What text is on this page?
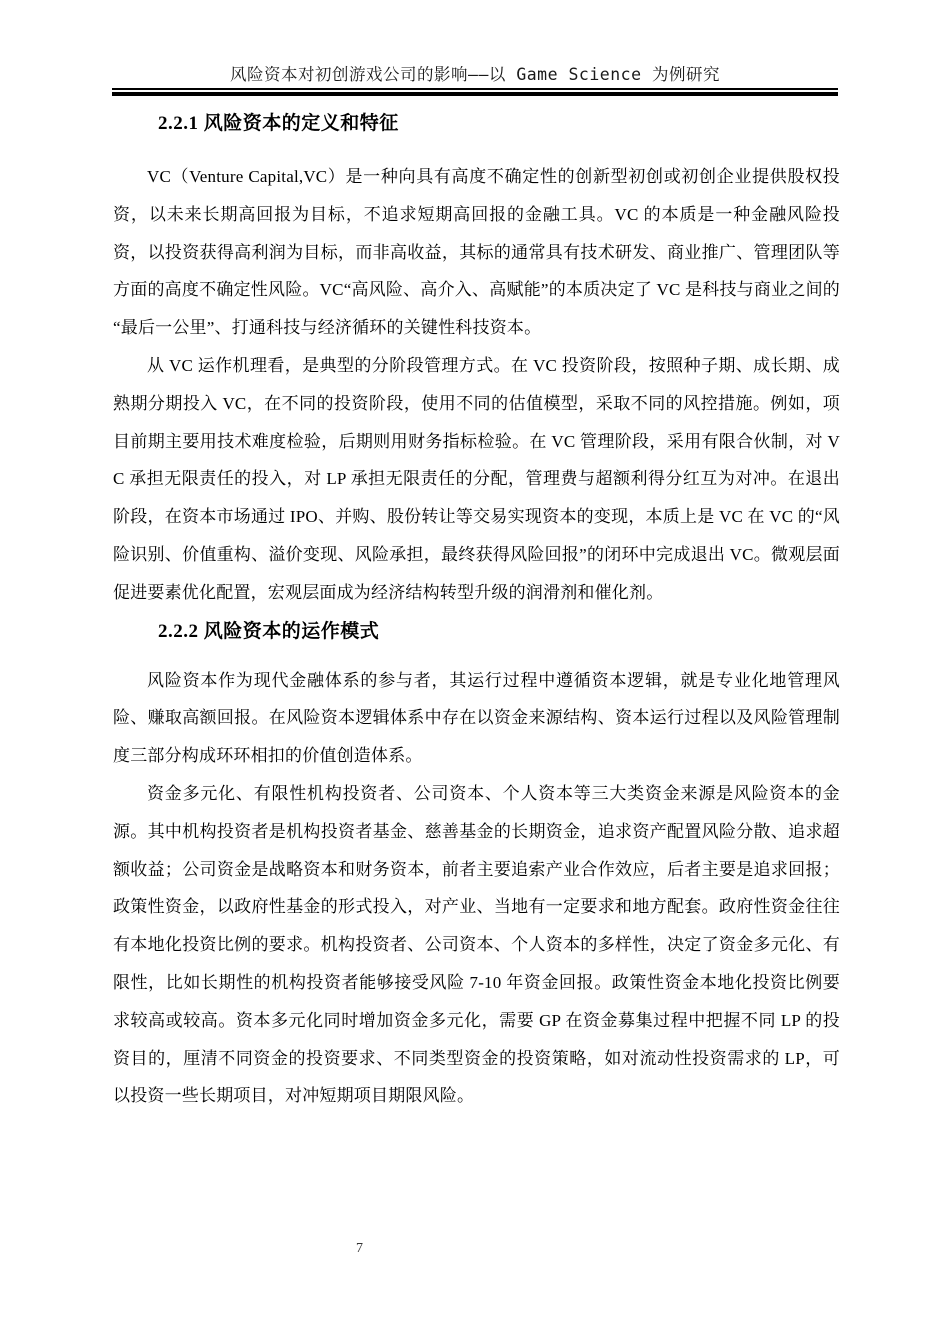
风险资本对初创游戏公司的影响——以 Game Science 为例研究
2.2.1 风险资本的定义和特征

VC（Venture Capital,VC）是一种向具有高度不确定性的创新型初创或初创企业提供股权投资，以未来长期高回报为目标，不追求短期高回报的金融工具。VC 的本质是一种金融风险投资，以投资获得高利润为目标，而非高收益，其标的通常具有技术研发、商业推广、管理团队等方面的高度不确定性风险。VC“高风险、高介入、高赋能”的本质决定了 VC 是科技与商业之间的“最后一公里”、打通科技与经济循环的关键性科技资本。

从 VC 运作机理看，是典型的分阶段管理方式。在 VC 投资阶段，按照种子期、成长期、成熟期分期投入 VC，在不同的投资阶段，使用不同的估值模型，采取不同的风控措施。例如，项目前期主要用技术难度检验，后期则用财务指标检验。在 VC 管理阶段，采用有限合伙制，对 VC 承担无限责任的投入，对 LP 承担无限责任的分配，管理费与超额利得分红互为对冲。在退出阶段，在资本市场通过 IPO、并购、股份转让等交易实现资本的变现，本质上是 VC 在 VC 的“风险识别、价值重构、溢价变现、风险承担，最终获得风险回报”的闭环中完成退出 VC。微观层面促进要素优化配置，宏观层面成为经济结构转型升级的润滑剂和催化剂。

2.2.2 风险资本的运作模式

风险资本作为现代金融体系的参与者，其运行过程中遵循资本逻辑，就是专业化地管理风险、赚取高额回报。在风险资本逻辑体系中存在以资金来源结构、资本运行过程以及风险管理制度三部分构成环环相扣的价值创造体系。

资金多元化、有限性机构投资者、公司资本、个人资本等三大类资金来源是风险资本的金源。其中机构投资者是机构投资者基金、慈善基金的长期资金，追求资产配置风险分散、追求超额收益；公司资金是战略资本和财务资本，前者主要追索产业合作效应，后者主要是追求回报；政策性资金，以政府性基金的形式投入，对产业、当地有一定要求和地方配套。政府性资金往往有本地化投资比例的要求。机构投资者、公司资本、个人资本的多样性，决定了资金多元化、有限性，比如长期性的机构投资者能够接受风险 7-10 年资金回报。政策性资金本地化投资比例要求较高或较高。资本多元化同时增加资金多元化，需要 GP 在资金募集过程中把握不同 LP 的投资目的，厘清不同资金的投资要求、不同类型资金的投资策略，如对流动性投资需求的 LP，可以投资一些长期项目，对冲短期项目期限风险。

7
